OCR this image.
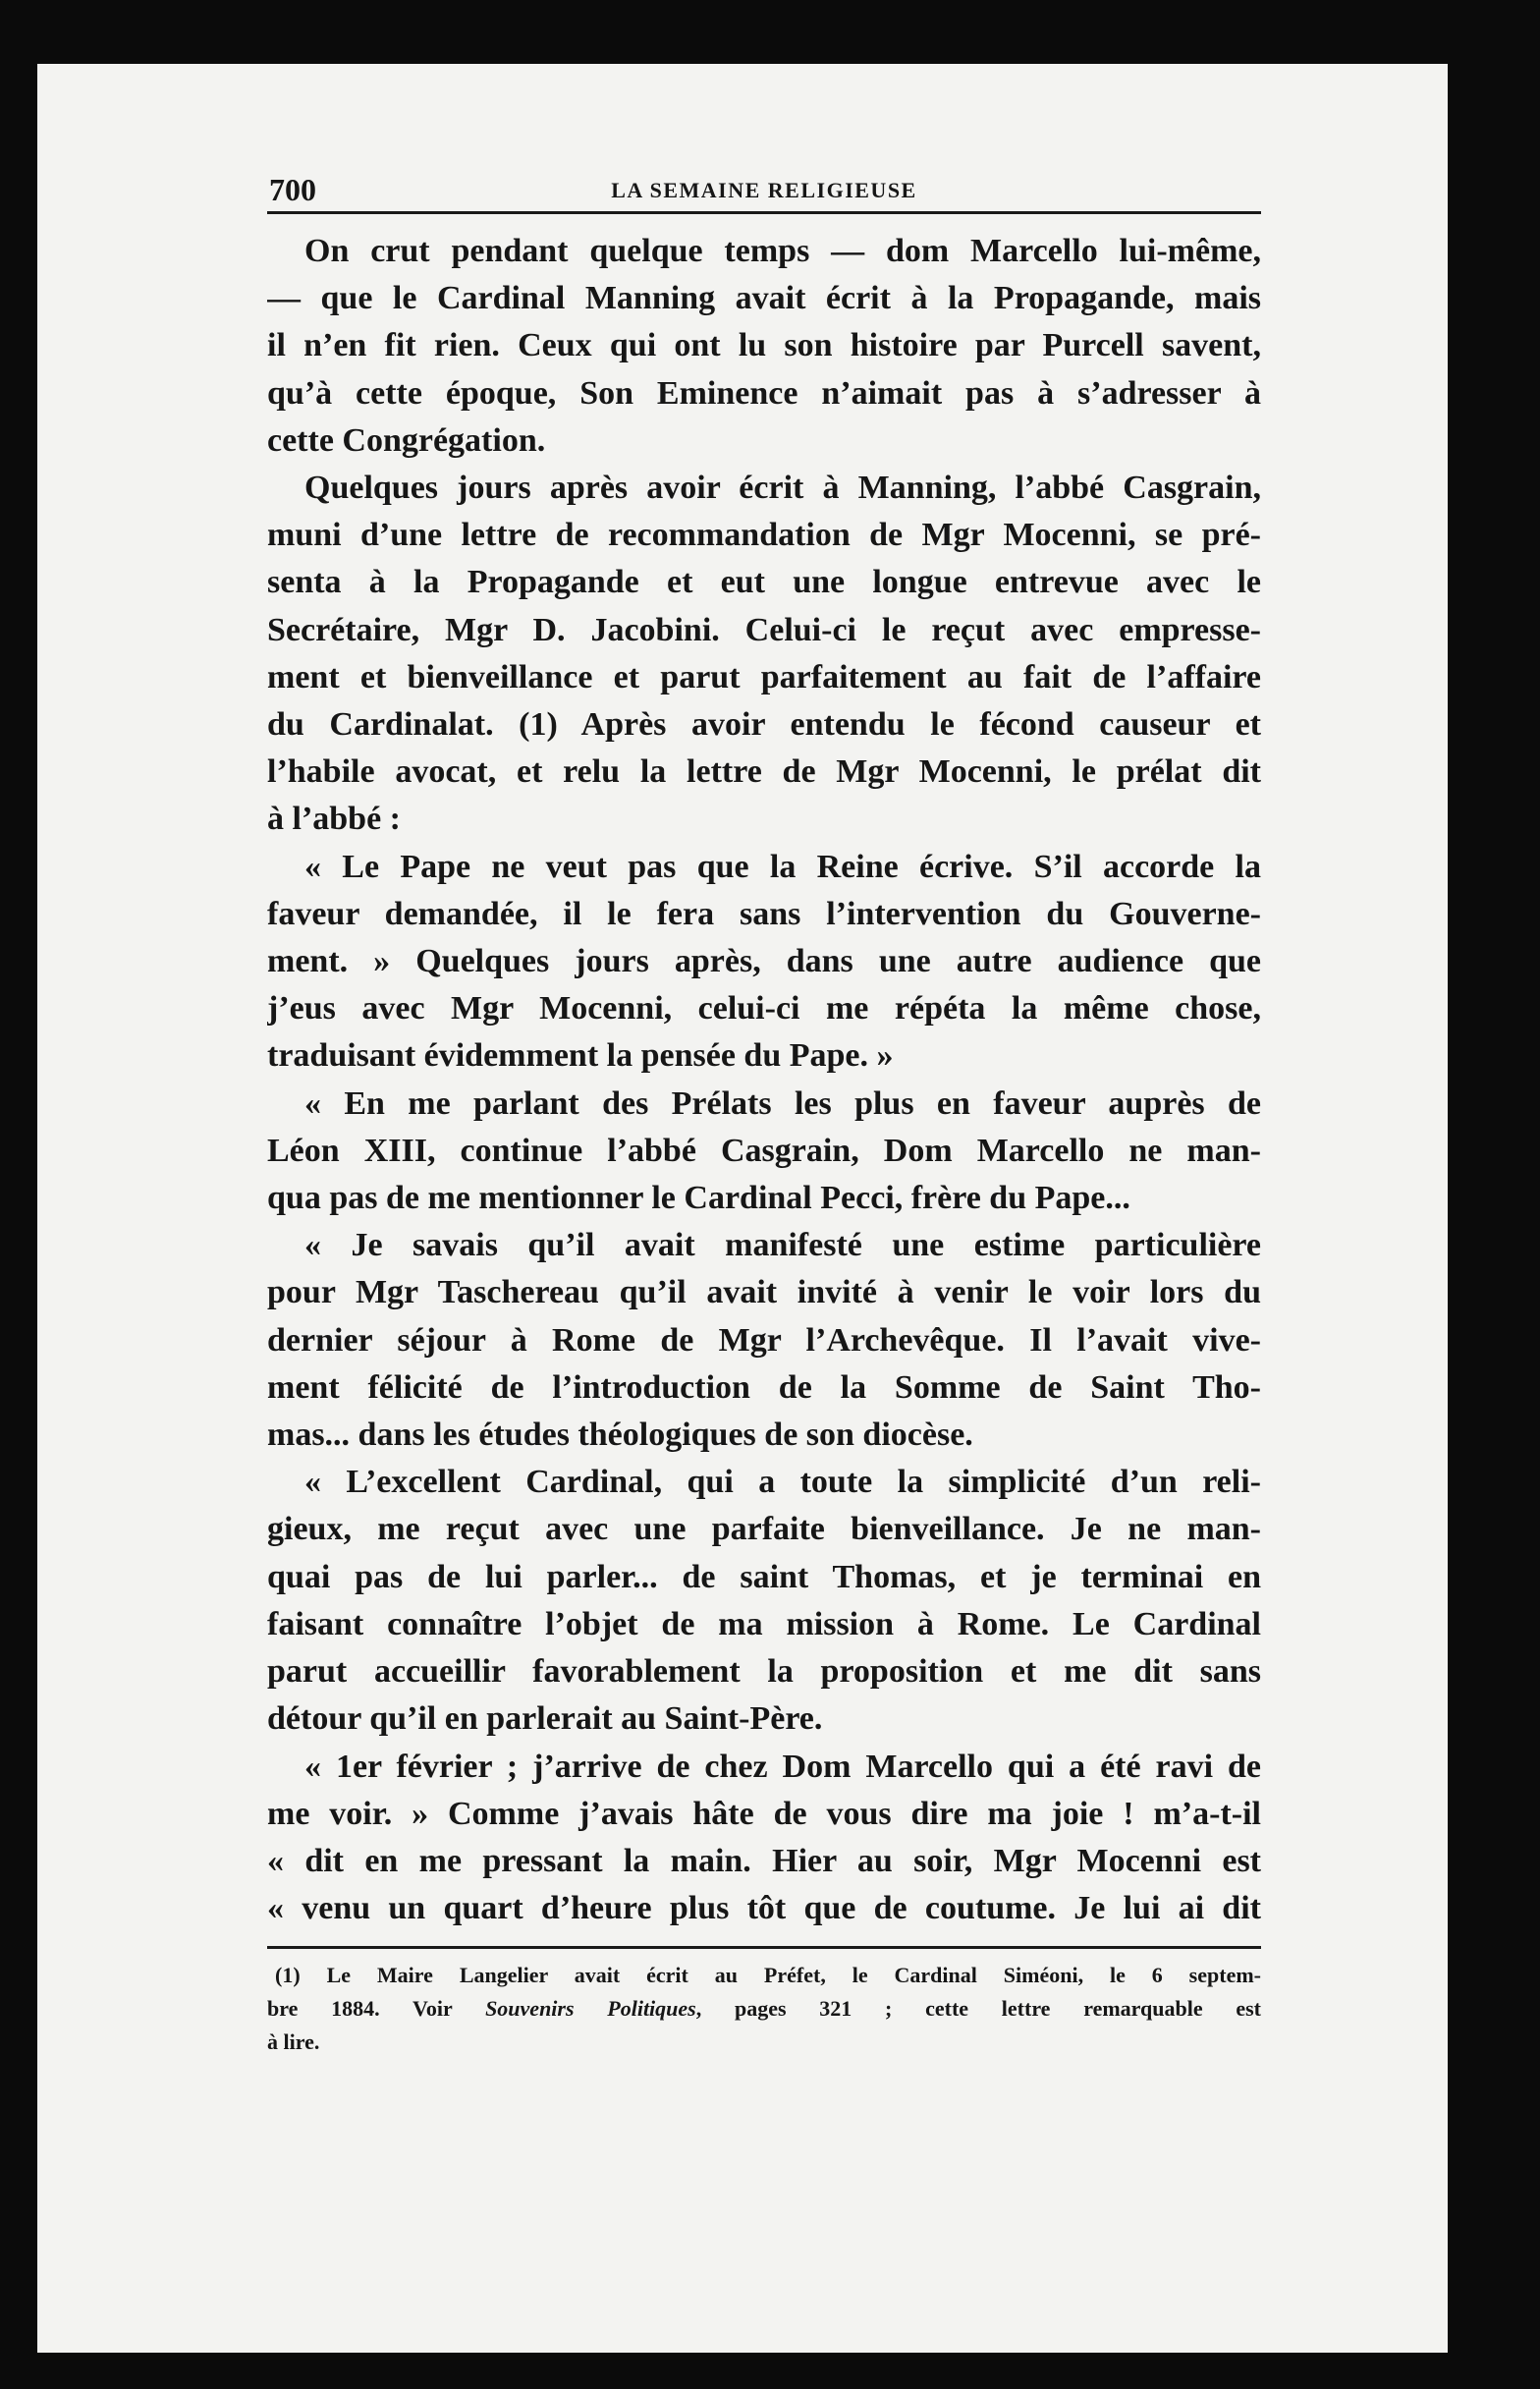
700	LA SEMAINE RELIGIEUSE

On crut pendant quelque temps — dom Marcello lui-même,
— que le Cardinal Manning avait écrit à la Propagande, mais
il n’en fit rien. Ceux qui ont lu son histoire par Purcell savent,
qu’à cette époque, Son Eminence n’aimait pas à s’adresser à
cette Congrégation.

Quelques jours après avoir écrit à Manning, l’abbé Casgrain,
muni d’une lettre de recommandation de Mgr Mocenni, se pré-
senta à la Propagande et eut une longue entrevue avec le
Secrétaire, Mgr D. Jacobini. Celui-ci le reçut avec empresse-
ment et bienveillance et parut parfaitement au fait de l’affaire
du Cardinalat. (1) Après avoir entendu le fécond causeur et
l’habile avocat, et relu la lettre de Mgr Mocenni, le prélat dit
à l’abbé :

« Le Pape ne veut pas que la Reine écrive. S’il accorde la
faveur demandée, il le fera sans l’intervention du Gouverne-
ment. » Quelques jours après, dans une autre audience que
j’eus avec Mgr Mocenni, celui-ci me répéta la même chose,
traduisant évidemment la pensée du Pape. »

« En me parlant des Prélats les plus en faveur auprès de
Léon XIII, continue l’abbé Casgrain, Dom Marcello ne man-
qua pas de me mentionner le Cardinal Pecci, frère du Pape...

« Je savais qu’il avait manifesté une estime particulière
pour Mgr Taschereau qu’il avait invité à venir le voir lors du
dernier séjour à Rome de Mgr l’Archevêque. Il l’avait vive-
ment félicité de l’introduction de la Somme de Saint Tho-
mas... dans les études théologiques de son diocèse.

« L’excellent Cardinal, qui a toute la simplicité d’un reli-
gieux, me reçut avec une parfaite bienveillance. Je ne man-
quai pas de lui parler... de saint Thomas, et je terminai en
faisant connaître l’objet de ma mission à Rome. Le Cardinal
parut accueillir favorablement la proposition et me dit sans
détour qu’il en parlerait au Saint-Père.

« 1er février ; j’arrive de chez Dom Marcello qui a été ravi de
me voir. » Comme j’avais hâte de vous dire ma joie ! m’a-t-il
« dit en me pressant la main. Hier au soir, Mgr Mocenni est
« venu un quart d’heure plus tôt que de coutume. Je lui ai dit

(1) Le Maire Langelier avait écrit au Préfet, le Cardinal Siméoni, le 6 septem-
bre 1884. Voir Souvenirs Politiques, pages 321 ; cette lettre remarquable est
à lire.
